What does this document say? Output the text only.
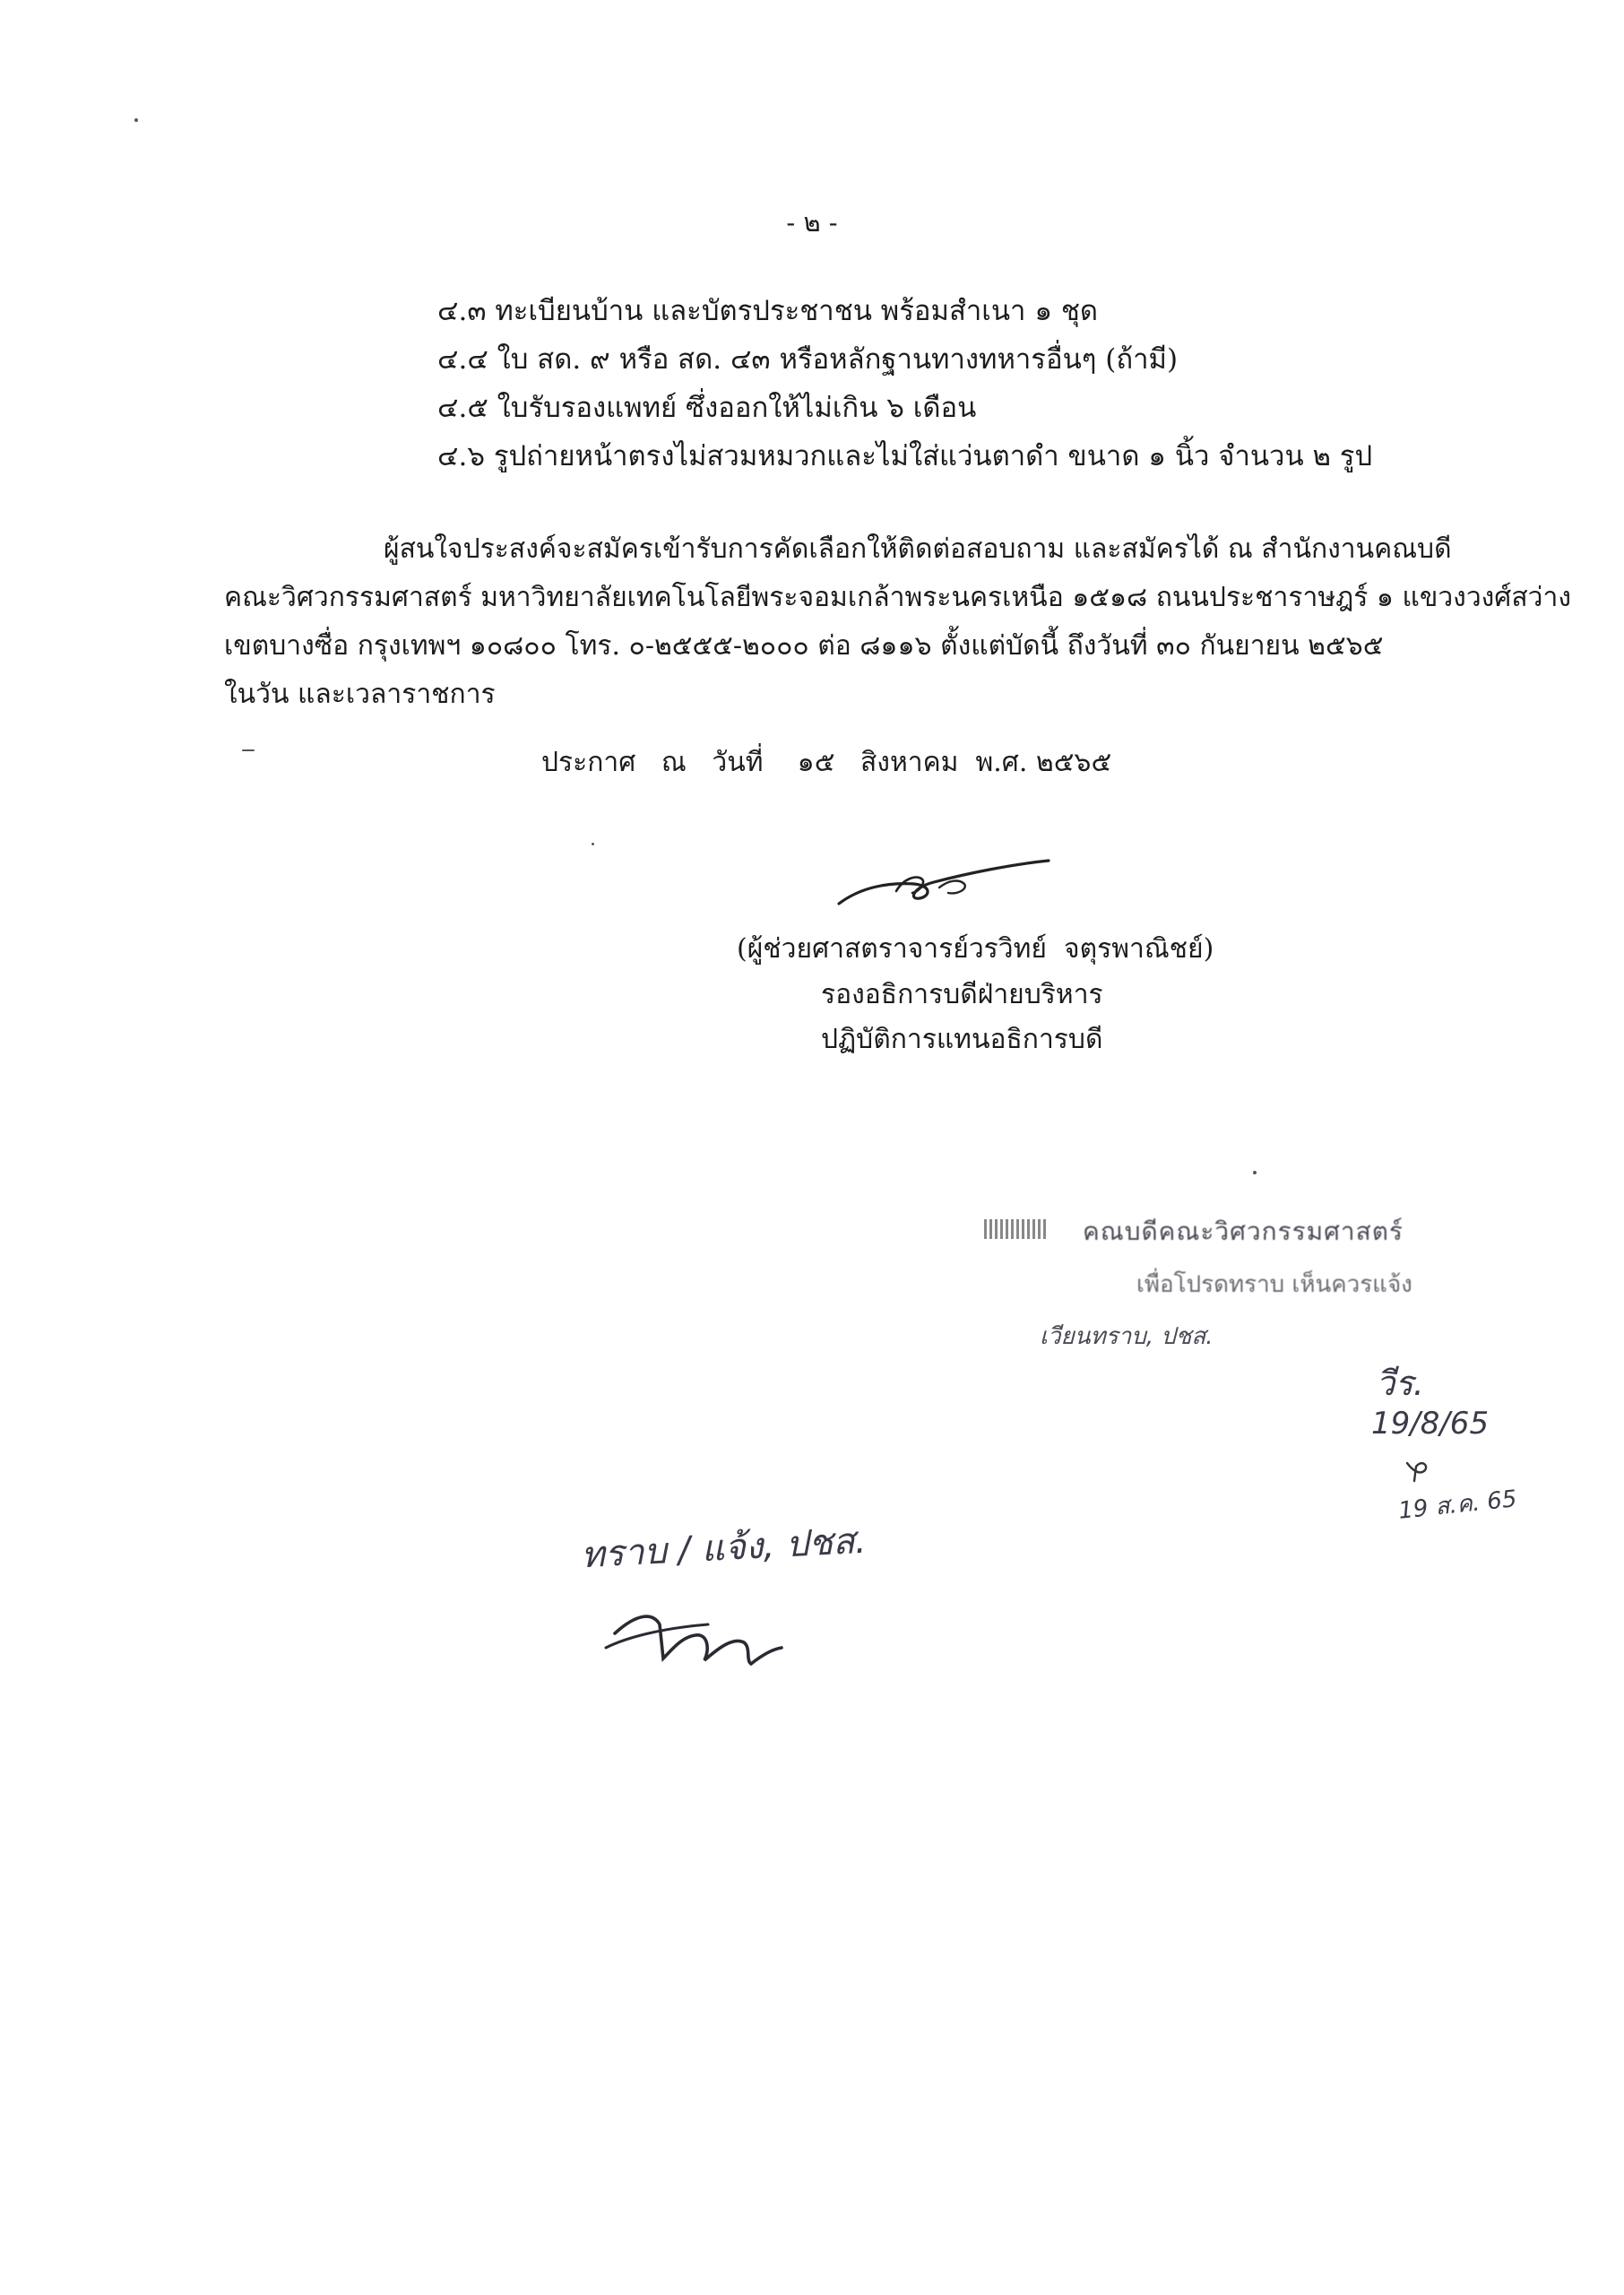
- ๒ -
๔.๓ ทะเบียนบ้าน และบัตรประชาชน พร้อมสำเนา ๑ ชุด
๔.๔ ใบ สด. ๙ หรือ สด. ๔๓ หรือหลักฐานทางทหารอื่นๆ (ถ้ามี)
๔.๕ ใบรับรองแพทย์ ซึ่งออกให้ไม่เกิน ๖ เดือน
๔.๖ รูปถ่ายหน้าตรงไม่สวมหมวกและไม่ใส่แว่นตาดำ ขนาด ๑ นิ้ว จำนวน ๒ รูป

ผู้สนใจประสงค์จะสมัครเข้ารับการคัดเลือกให้ติดต่อสอบถาม และสมัครได้ ณ สำนักงานคณบดี
คณะวิศวกรรมศาสตร์ มหาวิทยาลัยเทคโนโลยีพระจอมเกล้าพระนครเหนือ ๑๕๑๘ ถนนประชาราษฎร์ ๑ แขวงวงศ์สว่าง
เขตบางซื่อ กรุงเทพฯ ๑๐๘๐๐ โทร. ๐-๒๕๕๕-๒๐๐๐ ต่อ ๘๑๑๖ ตั้งแต่บัดนี้ ถึงวันที่ ๓๐ กันยายน ๒๕๖๕
ในวัน และเวลาราชการ

ประกาศ   ณ   วันที่    ๑๕   สิงหาคม  พ.ศ. ๒๕๖๕
(ผู้ช่วยศาสตราจารย์วรวิทย์  จตุรพาณิชย์)
รองอธิการบดีฝ่ายบริหาร
ปฏิบัติการแทนอธิการบดี
คณบดีคณะวิศวกรรมศาสตร์
เพื่อโปรดทราบ เห็นควรแจ้ง
เวียนทราบ, ปชส.
วีร.
19/8/65
19 ส.ค. 65
ทราบ / แจ้ง, ปชส.
